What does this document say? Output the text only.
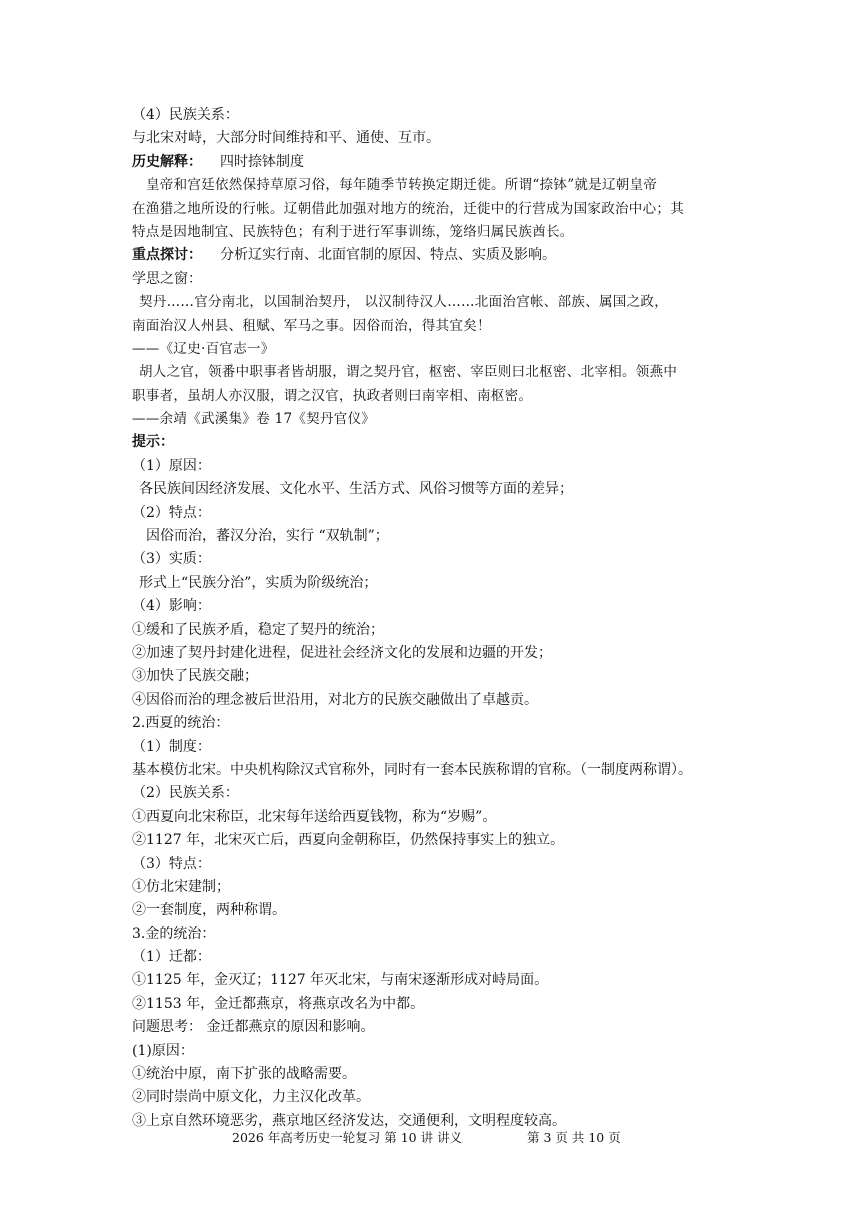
（4）民族关系：
与北宋对峙，大部分时间维持和平、通使、互市。
历史解释： 四时捺钵制度
皇帝和宫廷依然保持草原习俗，每年随季节转换定期迁徙。所谓“捺钵”就是辽朝皇帝
在渔猎之地所设的行帐。辽朝借此加强对地方的统治，迁徙中的行营成为国家政治中心；其
特点是因地制宜、民族特色；有利于进行军事训练，笼络归属民族酋长。
重点探讨： 分析辽实行南、北面官制的原因、特点、实质及影响。
学思之窗：
契丹……官分南北，以国制治契丹， 以汉制待汉人……北面治宫帐、部族、属国之政，
南面治汉人州县、租赋、军马之事。因俗而治，得其宜矣！
——《辽史·百官志一》
胡人之官，领番中职事者皆胡服，谓之契丹官，枢密、宰臣则曰北枢密、北宰相。领燕中
职事者，虽胡人亦汉服，谓之汉官，执政者则曰南宰相、南枢密。
——余靖《武溪集》卷 17《契丹官仪》
提示：
（1）原因：
各民族间因经济发展、文化水平、生活方式、风俗习惯等方面的差异；
（2）特点：
因俗而治，蕃汉分治，实行 “双轨制”；
（3）实质：
形式上“民族分治”，实质为阶级统治；
（4）影响：
①缓和了民族矛盾，稳定了契丹的统治；
②加速了契丹封建化进程，促进社会经济文化的发展和边疆的开发；
③加快了民族交融；
④因俗而治的理念被后世沿用，对北方的民族交融做出了卓越贡。
2.西夏的统治：
（1）制度：
基本模仿北宋。中央机构除汉式官称外，同时有一套本民族称谓的官称。（一制度两称谓）。
（2）民族关系：
①西夏向北宋称臣，北宋每年送给西夏钱物，称为“岁赐”。
②1127 年，北宋灭亡后，西夏向金朝称臣，仍然保持事实上的独立。
（3）特点：
①仿北宋建制；
②一套制度，两种称谓。
3.金的统治：
（1）迁都：
①1125 年，金灭辽；1127 年灭北宋，与南宋逐渐形成对峙局面。
②1153 年，金迁都燕京，将燕京改名为中都。
问题思考： 金迁都燕京的原因和影响。
(1)原因：
①统治中原，南下扩张的战略需要。
②同时崇尚中原文化，力主汉化改革。
③上京自然环境恶劣，燕京地区经济发达，交通便利，文明程度较高。
2026 年高考历史一轮复习 第 10 讲 讲义	第 3 页 共 10 页
